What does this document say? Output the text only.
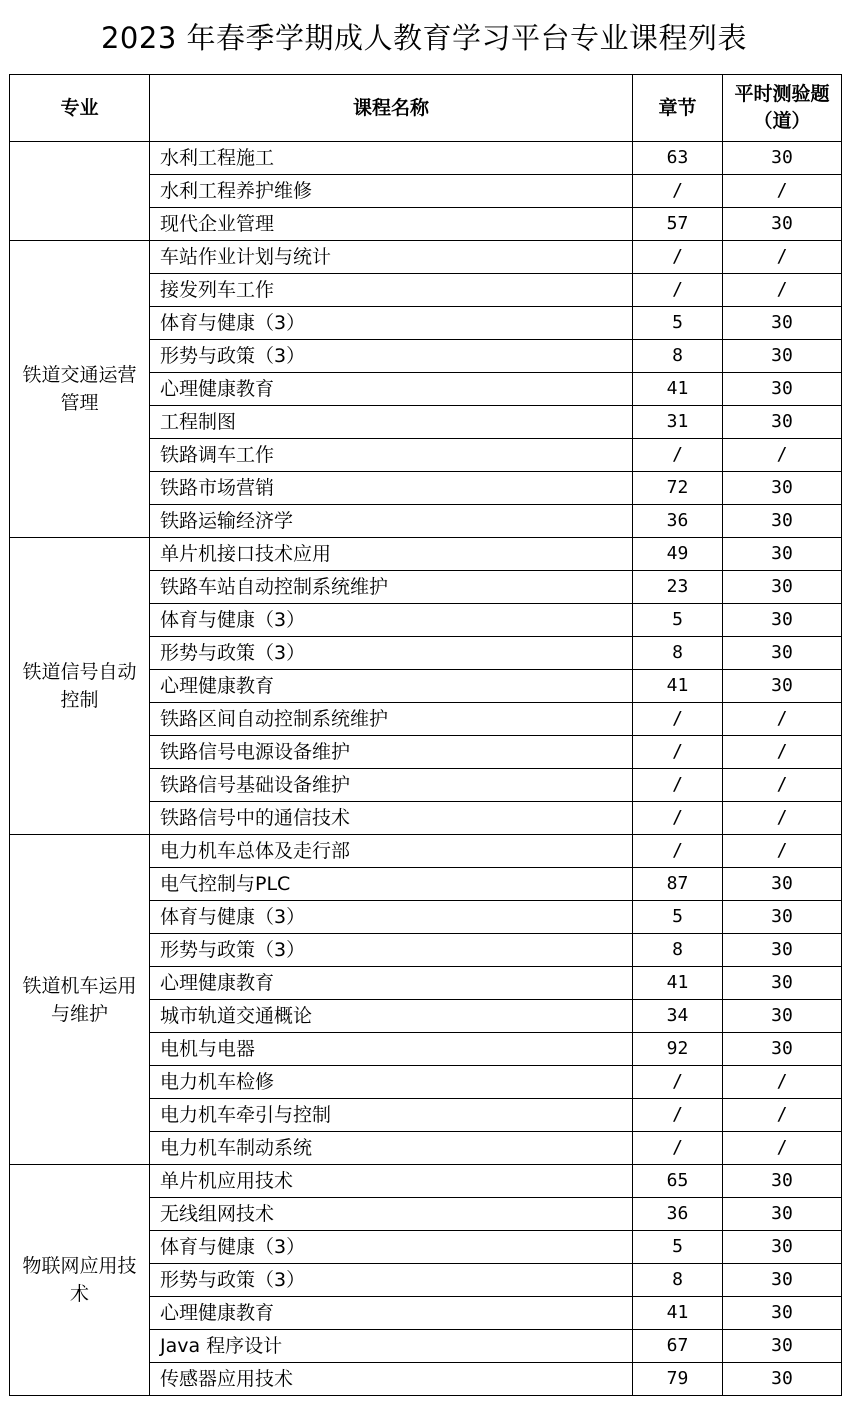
2023 年春季学期成人教育学习平台专业课程列表
专业	课程名称	章节	平时测验题（道）
	水利工程施工	63	30
	水利工程养护维修	/	/
	现代企业管理	57	30
铁道交通运营管理	车站作业计划与统计	/	/
	接发列车工作	/	/
	体育与健康（3）	5	30
	形势与政策（3）	8	30
	心理健康教育	41	30
	工程制图	31	30
	铁路调车工作	/	/
	铁路市场营销	72	30
	铁路运输经济学	36	30
铁道信号自动控制	单片机接口技术应用	49	30
	铁路车站自动控制系统维护	23	30
	体育与健康（3）	5	30
	形势与政策（3）	8	30
	心理健康教育	41	30
	铁路区间自动控制系统维护	/	/
	铁路信号电源设备维护	/	/
	铁路信号基础设备维护	/	/
	铁路信号中的通信技术	/	/
铁道机车运用与维护	电力机车总体及走行部	/	/
	电气控制与PLC	87	30
	体育与健康（3）	5	30
	形势与政策（3）	8	30
	心理健康教育	41	30
	城市轨道交通概论	34	30
	电机与电器	92	30
	电力机车检修	/	/
	电力机车牵引与控制	/	/
	电力机车制动系统	/	/
物联网应用技术	单片机应用技术	65	30
	无线组网技术	36	30
	体育与健康（3）	5	30
	形势与政策（3）	8	30
	心理健康教育	41	30
	Java 程序设计	67	30
	传感器应用技术	79	30
